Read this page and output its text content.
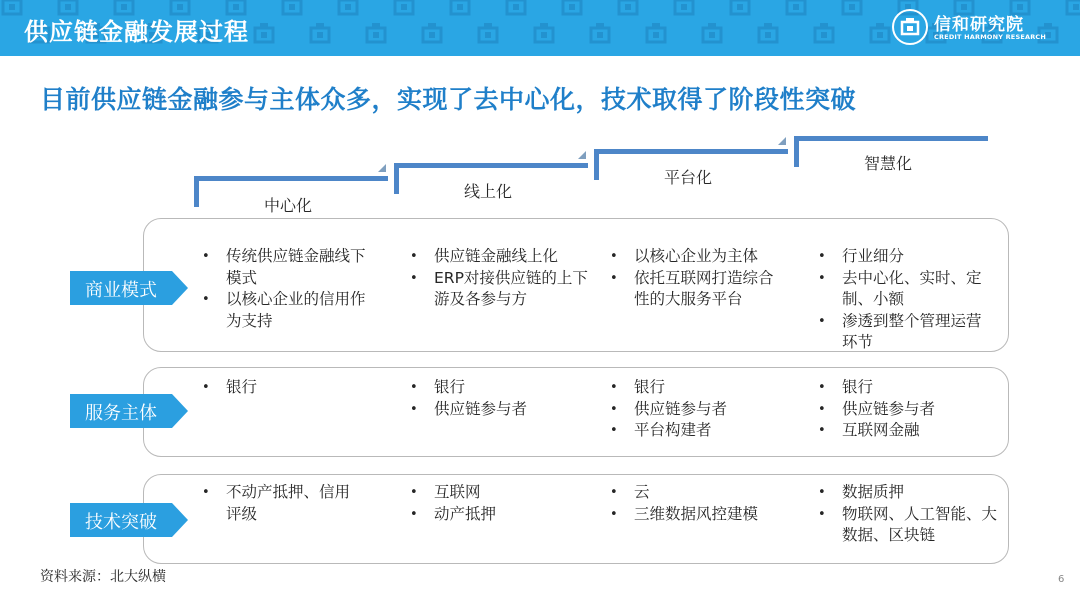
供应链金融发展过程	信和研究院
CREDIT HARMONY RESEARCH
目前供应链金融参与主体众多，实现了去中心化，技术取得了阶段性突破
中心化
线上化
平台化
智慧化
商业模式
• 传统供应链金融线下模式
• 以核心企业的信用作为支持
• 供应链金融线上化
• ERP对接供应链的上下游及各参与方
• 以核心企业为主体
• 依托互联网打造综合性的大服务平台
• 行业细分
• 去中心化、实时、定制、小额
• 渗透到整个管理运营环节
服务主体
• 银行
•	银行
• 供应链参与者
• 银行
• 供应链参与者
• 平台构建者
• 银行
• 供应链参与者
• 互联网金融
技术突破
• 不动产抵押、信用评级
• 互联网
• 动产抵押
• 云
• 三维数据风控建模
• 数据质押
• 物联网、人工智能、大数据、区块链
资料来源：北大纵横	6
